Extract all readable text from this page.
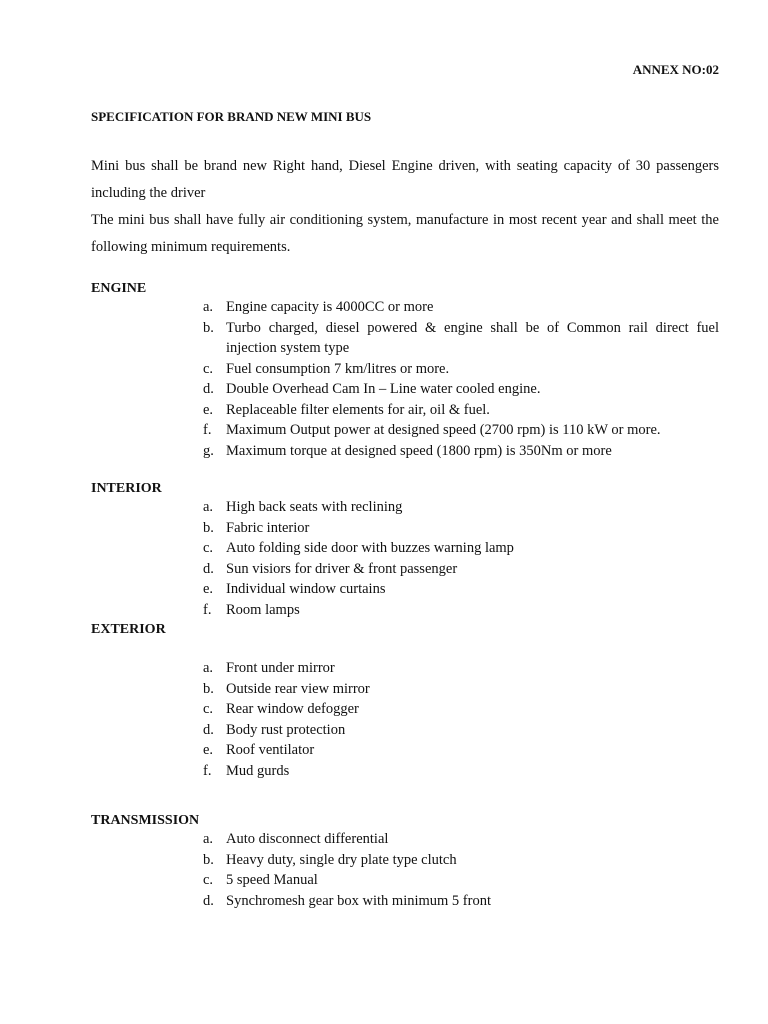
ANNEX NO:02
SPECIFICATION FOR BRAND NEW MINI BUS

Mini bus shall be brand new Right hand, Diesel Engine driven, with seating capacity of 30 passengers including the driver

The mini bus shall have fully air conditioning system, manufacture in most recent year and shall meet the following minimum requirements.

ENGINE
a. Engine capacity is 4000CC or more
b. Turbo charged, diesel powered & engine shall be of Common rail direct fuel injection system type
c. Fuel consumption 7 km/litres or more.
d. Double Overhead Cam In – Line water cooled engine.
e. Replaceable filter elements for air, oil & fuel.
f.	Maximum Output power at designed speed (2700 rpm) is 110 kW or more.
g. Maximum torque at designed speed (1800 rpm) is 350Nm or more
INTERIOR
a. High back seats with reclining
b. Fabric interior
c. Auto folding side door with buzzes warning lamp
d. Sun visiors for driver & front passenger
e. Individual window curtains
f.	Room lamps
EXTERIOR
a. Front under mirror
b. Outside rear view mirror
c. Rear window defogger
d. Body rust protection
e. Roof ventilator
f.	Mud gurds
TRANSMISSION
a. Auto disconnect differential
b. Heavy duty, single dry plate type clutch
c. 5 speed Manual
d. Synchromesh gear box with minimum 5 front
